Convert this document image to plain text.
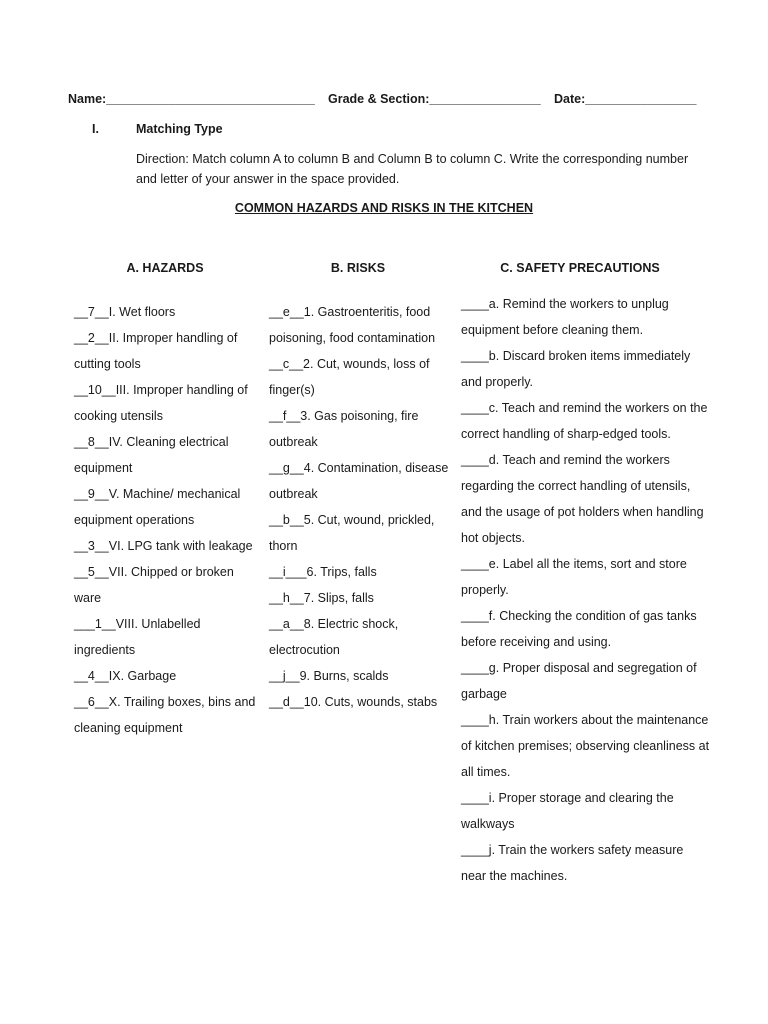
Name:______________________________ Grade & Section:________________ Date:________________
I.	Matching Type
Direction: Match column A to column B and Column B to column C. Write the corresponding number and letter of your answer in the space provided.
COMMON HAZARDS AND RISKS IN THE KITCHEN
A. HAZARDS	B. RISKS	C. SAFETY PRECAUTIONS
__7__I. Wet floors
__2__II. Improper handling of cutting tools
__10__III. Improper handling of cooking utensils
__8__IV. Cleaning electrical equipment
__9__V. Machine/ mechanical equipment operations
__3__VI. LPG tank with leakage
__5__VII. Chipped or broken ware
___1__VIII. Unlabelled ingredients
__4__IX. Garbage
__6__X. Trailing boxes, bins and cleaning equipment
__e__1. Gastroenteritis, food poisoning, food contamination
__c__2. Cut, wounds, loss of finger(s)
__f__3. Gas poisoning, fire outbreak
__g__4. Contamination, disease outbreak
__b__5. Cut, wound, prickled, thorn
__i___6. Trips, falls
__h__7. Slips, falls
__a__8. Electric shock, electrocution
__j__9. Burns, scalds
__d__10. Cuts, wounds, stabs
____a. Remind the workers to unplug equipment before cleaning them.
____b. Discard broken items immediately and properly.
____c. Teach and remind the workers on the correct handling of sharp-edged tools.
____d. Teach and remind the workers regarding the correct handling of utensils, and the usage of pot holders when handling hot objects.
____e. Label all the items, sort and store properly.
____f. Checking the condition of gas tanks before receiving and using.
____g. Proper disposal and segregation of garbage
____h. Train workers about the maintenance of kitchen premises; observing cleanliness at all times.
____i. Proper storage and clearing the walkways
____j. Train the workers safety measure near the machines.
